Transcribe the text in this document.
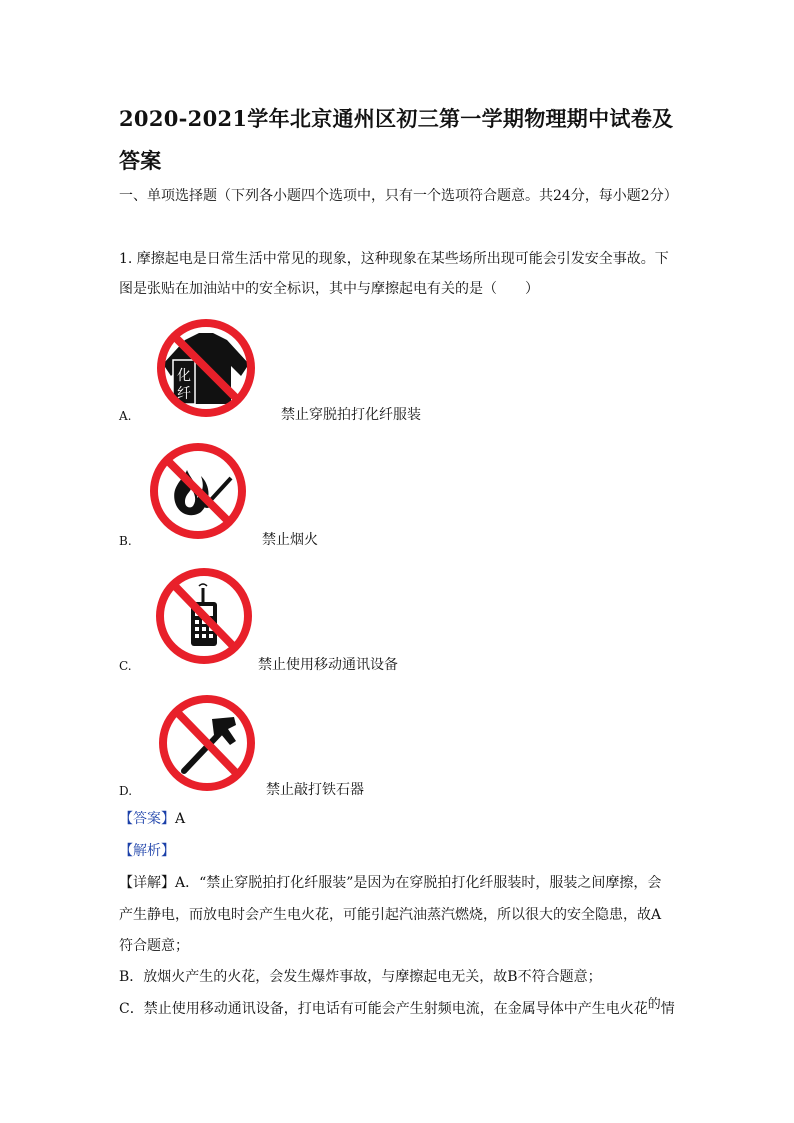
2020-2021学年北京通州区初三第一学期物理期中试卷及答案
一、单项选择题（下列各小题四个选项中，只有一个选项符合题意。共24分，每小题2分）
1. 摩擦起电是日常生活中常见的现象，这种现象在某些场所出现可能会引发安全事故。下
图是张贴在加油站中的安全标识，其中与摩擦起电有关的是（　　）
化
纤
A.	禁止穿脱拍打化纤服装
B.	禁止烟火
C.	禁止使用移动通讯设备
D.	禁止敲打铁石器
【答案】A
【解析】
【详解】A．“禁止穿脱拍打化纤服装”是因为在穿脱拍打化纤服装时，服装之间摩擦，会
产生静电，而放电时会产生电火花，可能引起汽油蒸汽燃烧，所以很大的安全隐患，故A
符合题意；
B．放烟火产生的火花，会发生爆炸事故，与摩擦起电无关，故B不符合题意；
C．禁止使用移动通讯设备，打电话有可能会产生射频电流，在金属导体中产生电火花的情
